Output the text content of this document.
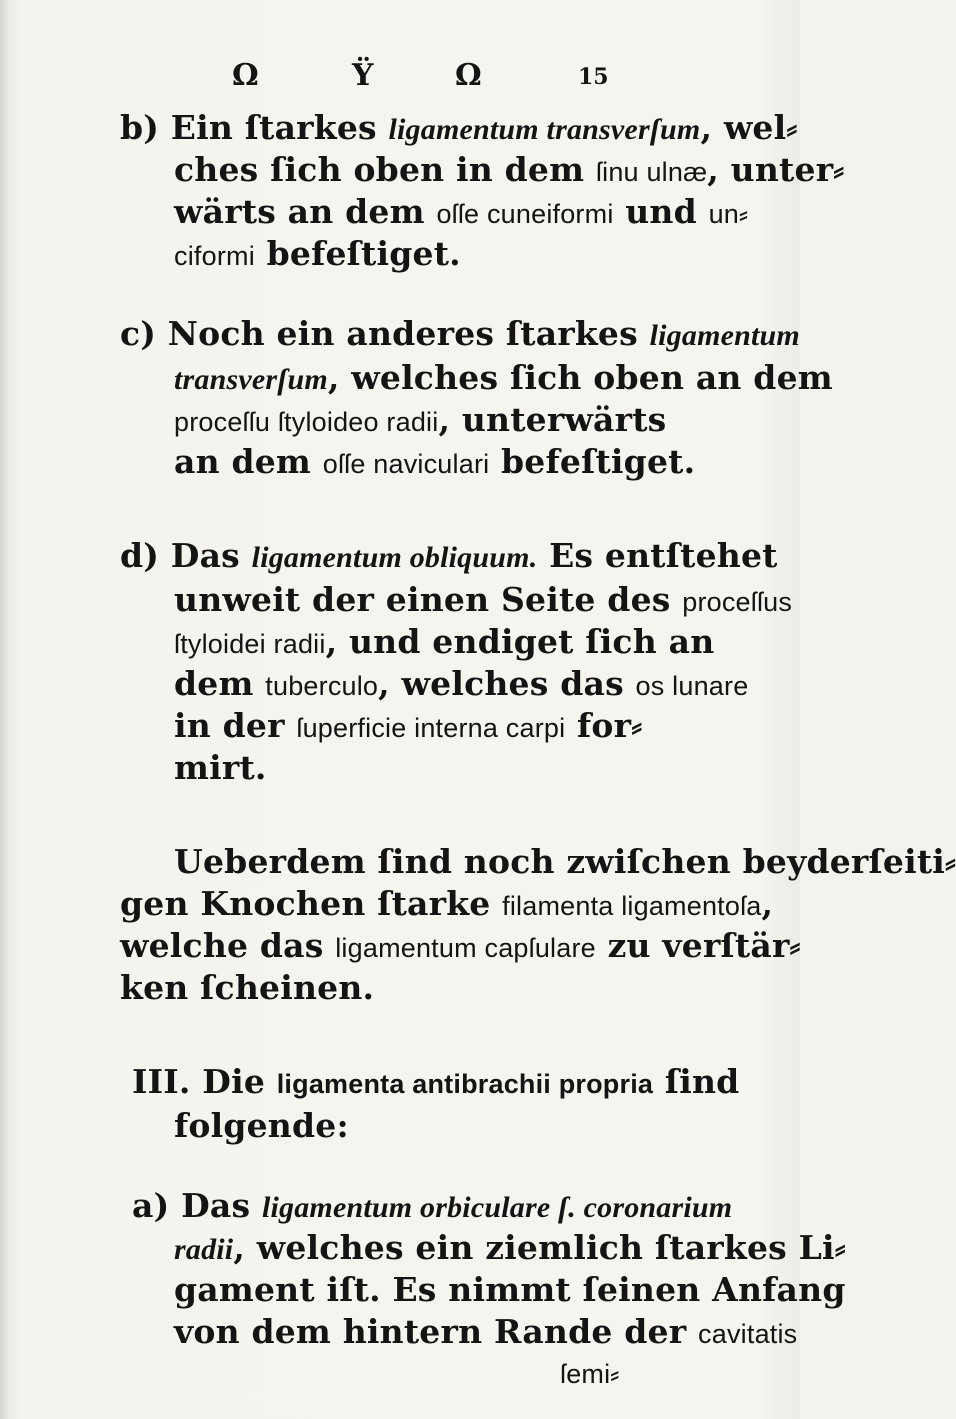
Ω	Ϋ	Ω	15
b) Ein ſtarkes ligamentum transverſum, wel⸗
ches ſich oben in dem ſinu ulnæ, unter⸗
wärts an dem oſſe cuneiformi und un⸗
ciformi befeſtiget.
c) Noch ein anderes ſtarkes ligamentum
transverſum, welches ſich oben an dem
proceſſu ſtyloideo radii, unterwärts
an dem oſſe naviculari befeſtiget.
d) Das ligamentum obliquum. Es entſtehet
unweit der einen Seite des proceſſus
ſtyloidei radii, und endiget ſich an
dem tuberculo, welches das os lunare
in der ſuperficie interna carpi for⸗
mirt.
Ueberdem ſind noch zwiſchen beyderſeiti⸗
gen Knochen ſtarke filamenta ligamentoſa,
welche das ligamentum capſulare zu verſtär⸗
ken ſcheinen.
III. Die ligamenta antibrachii propria ſind
folgende:
a) Das ligamentum orbiculare ſ. coronarium
radii, welches ein ziemlich ſtarkes Li⸗
gament iſt. Es nimmt ſeinen Anfang
von dem hintern Rande der cavitatis
ſemi⸗
